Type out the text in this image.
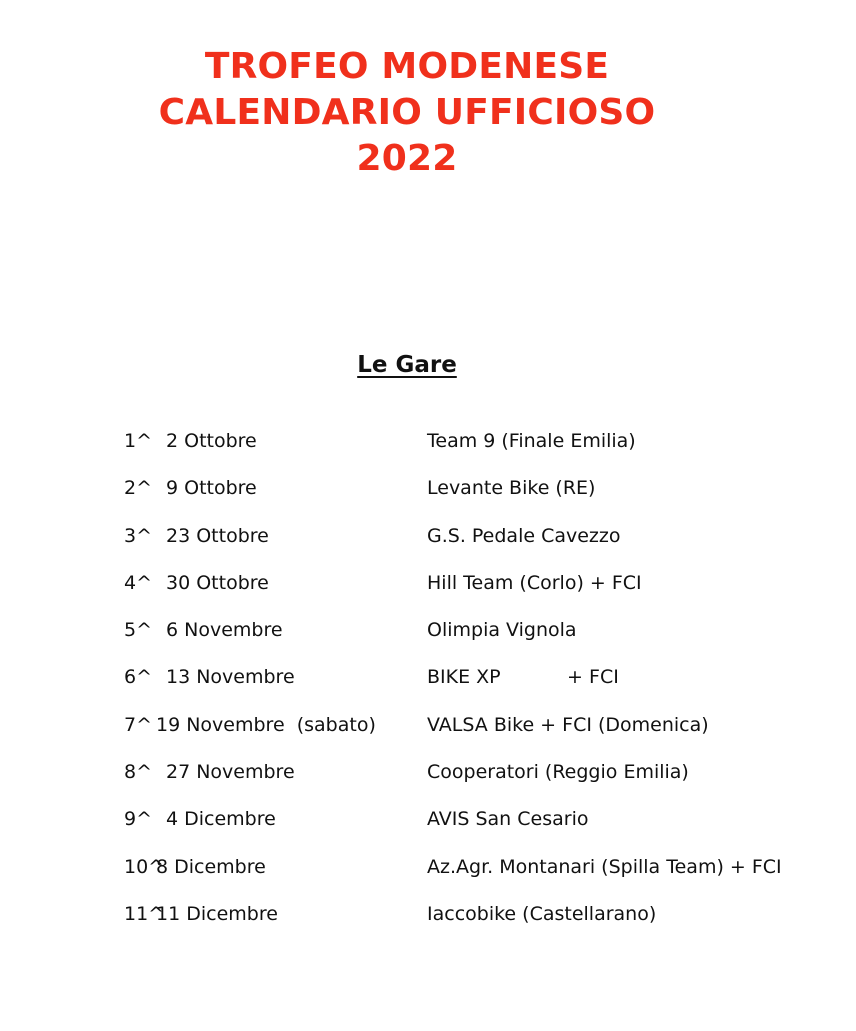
TROFEO MODENESE
CALENDARIO UFFICIOSO
2022
Le Gare

1^

2 Ottobre

	Team 9 (Finale Emilia)

2^

9 Ottobre

	Levante Bike (RE)

3^

23 Ottobre

	G.S. Pedale Cavezzo

4^

30 Ottobre

	Hill Team (Corlo) + FCI

5^

6 Novembre

	Olimpia Vignola

6^

13 Novembre

	BIKE XP           + FCI

7^

19 Novembre  (sabato)

	VALSA Bike + FCI (Domenica)

8^

27 Novembre

	Cooperatori (Reggio Emilia)

9^

4 Dicembre

	AVIS San Cesario

10^

8 Dicembre

	Az.Agr. Montanari (Spilla Team) + FCI

11^

11 Dicembre

	Iaccobike (Castellarano)
